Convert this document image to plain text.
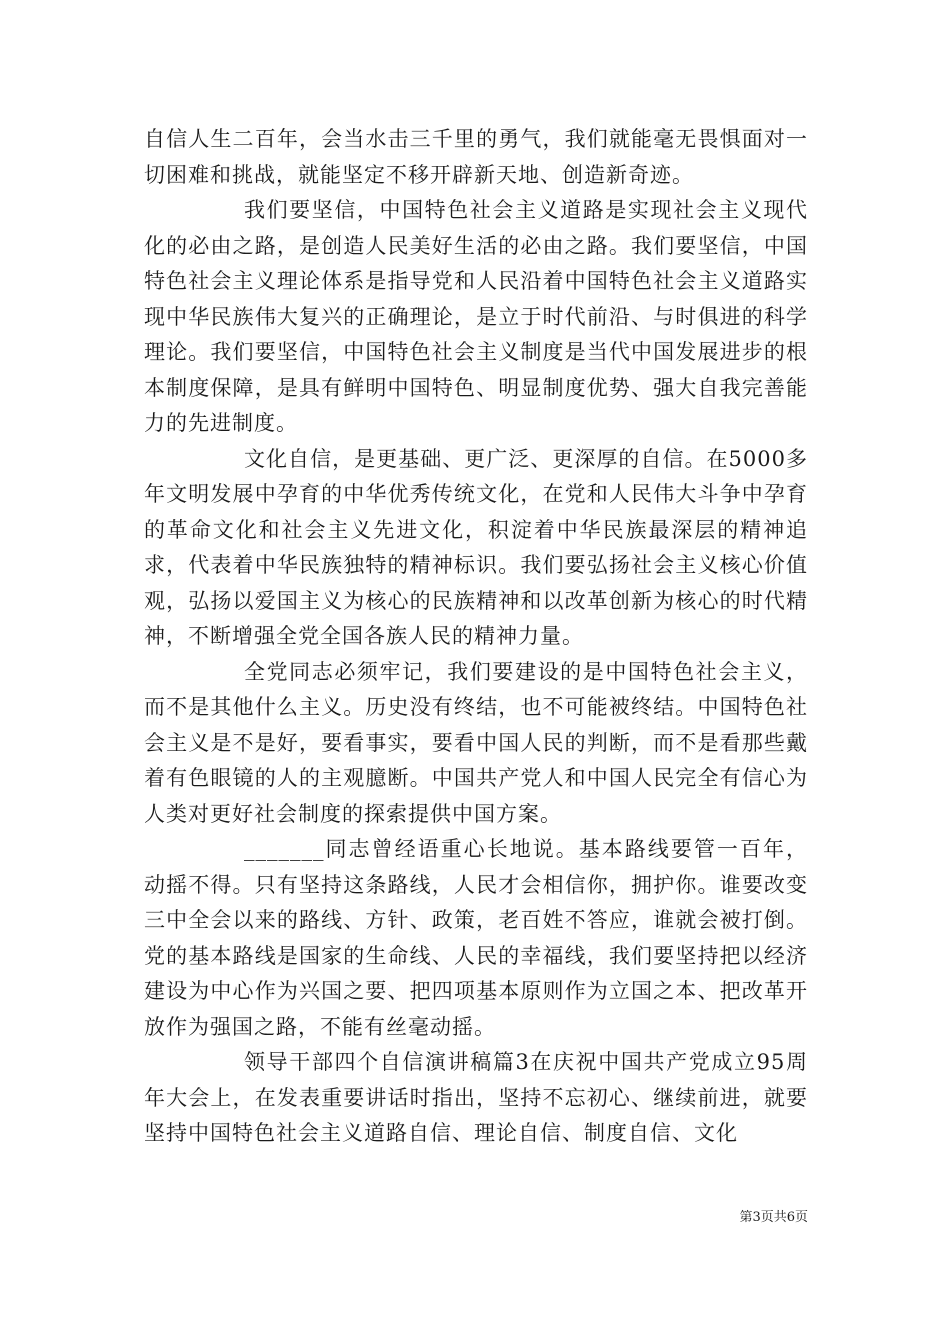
自信人生二百年，会当水击三千里的勇气，我们就能毫无畏惧面对一切困难和挑战，就能坚定不移开辟新天地、创造新奇迹。

我们要坚信，中国特色社会主义道路是实现社会主义现代化的必由之路，是创造人民美好生活的必由之路。我们要坚信，中国特色社会主义理论体系是指导党和人民沿着中国特色社会主义道路实现中华民族伟大复兴的正确理论，是立于时代前沿、与时俱进的科学理论。我们要坚信，中国特色社会主义制度是当代中国发展进步的根本制度保障，是具有鲜明中国特色、明显制度优势、强大自我完善能力的先进制度。

文化自信，是更基础、更广泛、更深厚的自信。在5000多年文明发展中孕育的中华优秀传统文化，在党和人民伟大斗争中孕育的革命文化和社会主义先进文化，积淀着中华民族最深层的精神追求，代表着中华民族独特的精神标识。我们要弘扬社会主义核心价值观，弘扬以爱国主义为核心的民族精神和以改革创新为核心的时代精神，不断增强全党全国各族人民的精神力量。

全党同志必须牢记，我们要建设的是中国特色社会主义，而不是其他什么主义。历史没有终结，也不可能被终结。中国特色社会主义是不是好，要看事实，要看中国人民的判断，而不是看那些戴着有色眼镜的人的主观臆断。中国共产党人和中国人民完全有信心为人类对更好社会制度的探索提供中国方案。

_______同志曾经语重心长地说。基本路线要管一百年，动摇不得。只有坚持这条路线，人民才会相信你，拥护你。谁要改变三中全会以来的路线、方针、政策，老百姓不答应，谁就会被打倒。党的基本路线是国家的生命线、人民的幸福线，我们要坚持把以经济建设为中心作为兴国之要、把四项基本原则作为立国之本、把改革开放作为强国之路，不能有丝毫动摇。

领导干部四个自信演讲稿篇3在庆祝中国共产党成立95周年大会上，在发表重要讲话时指出，坚持不忘初心、继续前进，就要坚持中国特色社会主义道路自信、理论自信、制度自信、文化

第3页共6页
